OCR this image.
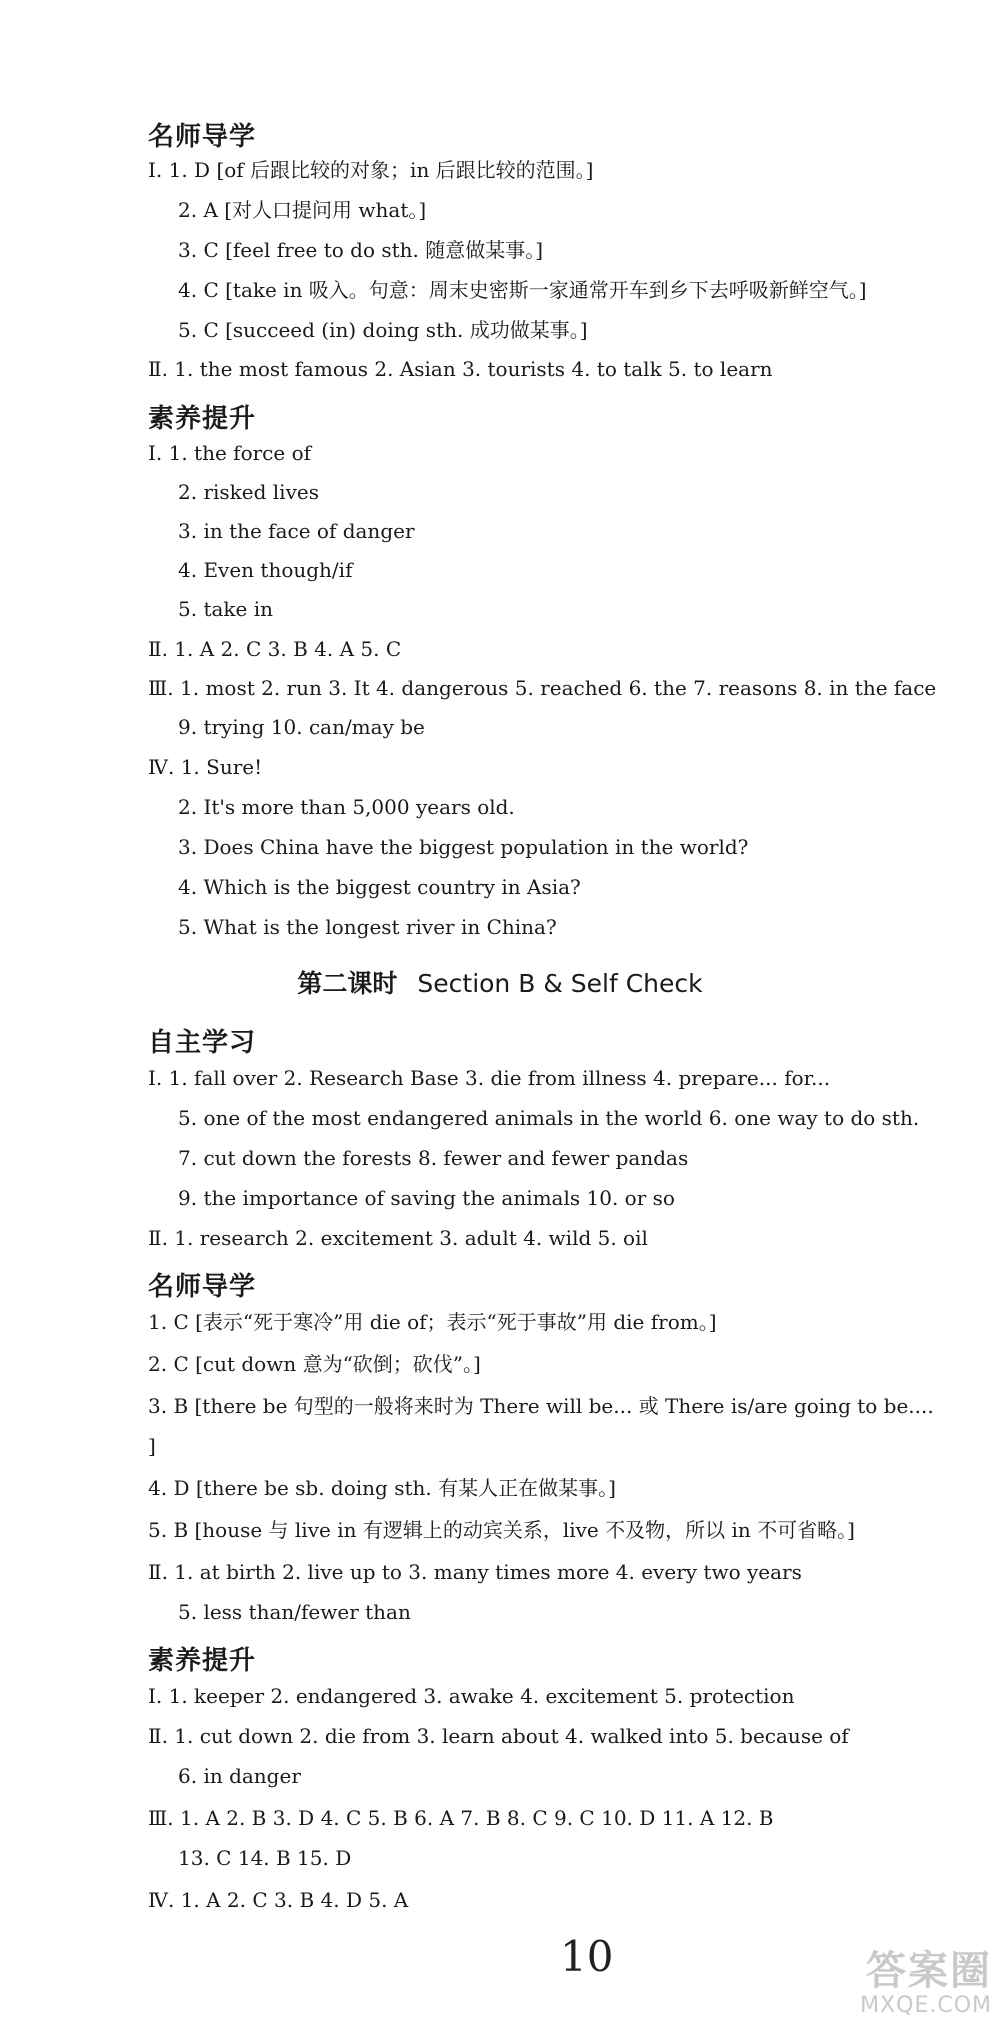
名师导学
Ⅰ. 1. D [of 后跟比较的对象；in 后跟比较的范围。]
2. A [对人口提问用 what。]
3. C [feel free to do sth. 随意做某事。]
4. C [take in 吸入。句意：周末史密斯一家通常开车到乡下去呼吸新鲜空气。]
5. C [succeed (in) doing sth. 成功做某事。]
Ⅱ. 1. the most famous 2. Asian 3. tourists 4. to talk 5. to learn
素养提升
Ⅰ. 1. the force of
2. risked lives
3. in the face of danger
4. Even though/if
5. take in
Ⅱ. 1. A 2. C 3. B 4. A 5. C
Ⅲ. 1. most 2. run 3. It 4. dangerous 5. reached 6. the 7. reasons 8. in the face
9. trying 10. can/may be
Ⅳ. 1. Sure!
2. It's more than 5,000 years old.
3. Does China have the biggest population in the world?
4. Which is the biggest country in Asia?
5. What is the longest river in China?
第二课时 Section B & Self Check
自主学习
Ⅰ. 1. fall over 2. Research Base 3. die from illness 4. prepare... for...
5. one of the most endangered animals in the world 6. one way to do sth.
7. cut down the forests 8. fewer and fewer pandas
9. the importance of saving the animals 10. or so
Ⅱ. 1. research 2. excitement 3. adult 4. wild 5. oil
名师导学
1. C [表示“死于寒冷”用 die of；表示“死于事故”用 die from。]
2. C [cut down 意为“砍倒；砍伐”。]
3. B [there be 句型的一般将来时为 There will be... 或 There is/are going to be....
]
4. D [there be sb. doing sth. 有某人正在做某事。]
5. B [house 与 live in 有逻辑上的动宾关系，live 不及物，所以 in 不可省略。]
Ⅱ. 1. at birth 2. live up to 3. many times more 4. every two years
5. less than/fewer than
素养提升
Ⅰ. 1. keeper 2. endangered 3. awake 4. excitement 5. protection
Ⅱ. 1. cut down 2. die from 3. learn about 4. walked into 5. because of
6. in danger
Ⅲ. 1. A 2. B 3. D 4. C 5. B 6. A 7. B 8. C 9. C 10. D 11. A 12. B
13. C 14. B 15. D
Ⅳ. 1. A 2. C 3. B 4. D 5. A
10	答案圈
MXQE.COM
